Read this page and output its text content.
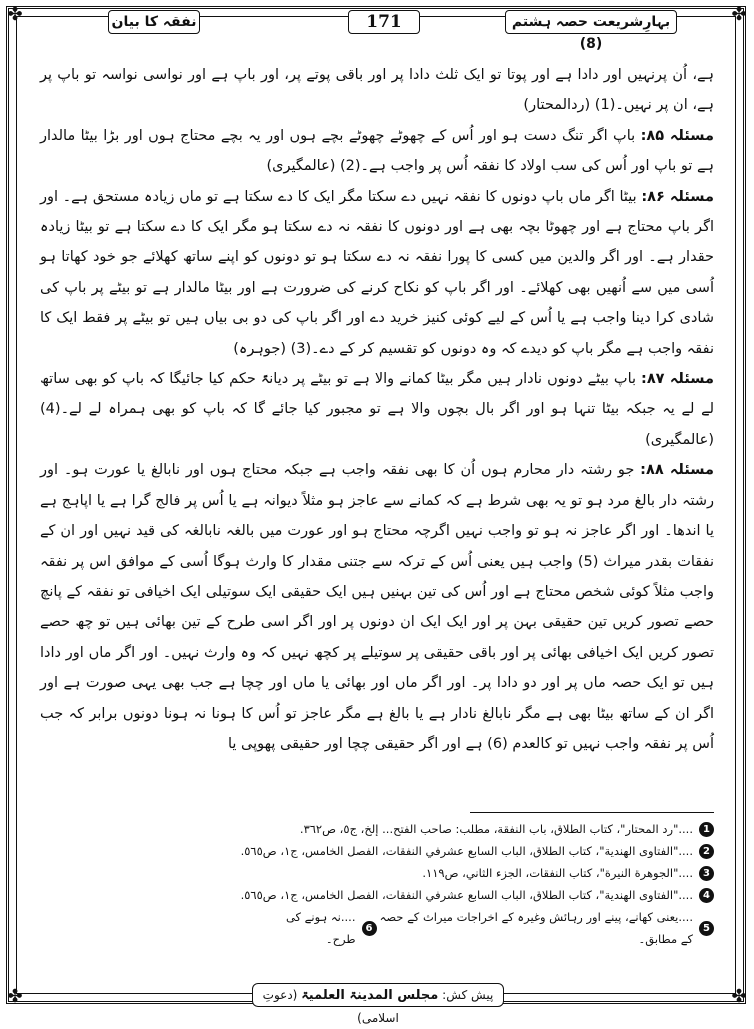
✤	✤
✤	✤
نفقہ کا بیان	171	بہارِشریعت حصہ ہشتم (8)

ہے، اُن پرنہیں اور دادا ہے اور پوتا تو ایک ثلث دادا پر اور باقی پوتے پر، اور باپ ہے اور نواسی نواسہ تو باپ پر ہے، ان پر نہیں۔(1) (ردالمحتار)

مسئلہ ۸۵: باپ اگر تنگ دست ہو اور اُس کے چھوٹے چھوٹے بچے ہوں اور یہ بچے محتاج ہوں اور بڑا بیٹا مالدار ہے تو باپ اور اُس کی سب اولاد کا نفقہ اُس پر واجب ہے۔(2) (عالمگیری)

مسئلہ ۸۶: بیٹا اگر ماں باپ دونوں کا نفقہ نہیں دے سکتا مگر ایک کا دے سکتا ہے تو ماں زیادہ مستحق ہے۔ اور اگر باپ محتاج ہے اور چھوٹا بچہ بھی ہے اور دونوں کا نفقہ نہ دے سکتا ہو مگر ایک کا دے سکتا ہے تو بیٹا زیادہ حقدار ہے۔ اور اگر والدین میں کسی کا پورا نفقہ نہ دے سکتا ہو تو دونوں کو اپنے ساتھ کھلائے جو خود کھاتا ہو اُسی میں سے اُنھیں بھی کھلائے۔ اور اگر باپ کو نکاح کرنے کی ضرورت ہے اور بیٹا مالدار ہے تو بیٹے پر باپ کی شادی کرا دینا واجب ہے یا اُس کے لیے کوئی کنیز خرید دے اور اگر باپ کی دو بی بیاں ہیں تو بیٹے پر فقط ایک کا نفقہ واجب ہے مگر باپ کو دیدے کہ وہ دونوں کو تقسیم کر کے دے۔(3) (جوہرہ)

مسئلہ ۸۷: باپ بیٹے دونوں نادار ہیں مگر بیٹا کمانے والا ہے تو بیٹے پر دیانۃً حکم کیا جائیگا کہ باپ کو بھی ساتھ لے لے یہ جبکہ بیٹا تنہا ہو اور اگر بال بچوں والا ہے تو مجبور کیا جائے گا کہ باپ کو بھی ہمراہ لے لے۔(4) (عالمگیری)

مسئلہ ۸۸: جو رشتہ دار محارم ہوں اُن کا بھی نفقہ واجب ہے جبکہ محتاج ہوں اور نابالغ یا عورت ہو۔ اور رشتہ دار بالغ مرد ہو تو یہ بھی شرط ہے کہ کمانے سے عاجز ہو مثلاً دیوانہ ہے یا اُس پر فالج گرا ہے یا اپاہج ہے یا اندھا۔ اور اگر عاجز نہ ہو تو واجب نہیں اگرچہ محتاج ہو اور عورت میں بالغہ نابالغہ کی قید نہیں اور ان کے نفقات بقدر میراث (5) واجب ہیں یعنی اُس کے ترکہ سے جتنی مقدار کا وارث ہوگا اُسی کے موافق اس پر نفقہ واجب مثلاً کوئی شخص محتاج ہے اور اُس کی تین بہنیں ہیں ایک حقیقی ایک سوتیلی ایک اخیافی تو نفقہ کے پانچ حصے تصور کریں تین حقیقی بہن پر اور ایک ایک ان دونوں پر اور اگر اسی طرح کے تین بھائی ہیں تو چھ حصے تصور کریں ایک اخیافی بھائی پر اور باقی حقیقی پر سوتیلے پر کچھ نہیں کہ وہ وارث نہیں۔ اور اگر ماں اور دادا ہیں تو ایک حصہ ماں پر اور دو دادا پر۔ اور اگر ماں اور بھائی یا ماں اور چچا ہے جب بھی یہی صورت ہے اور اگر ان کے ساتھ بیٹا بھی ہے مگر نابالغ نادار ہے یا بالغ ہے مگر عاجز تو اُس کا ہونا نہ ہونا دونوں برابر کہ جب اُس پر نفقہ واجب نہیں تو کالعدم (6) ہے اور اگر حقیقی چچا اور حقیقی پھوپی یا

1
...."رد المحتار"، كتاب الطلاق، باب النفقة، مطلب: صاحب الفتح... إلخ، ج٥، ص٣٦٢.
2
...."الفتاوى الهندية"، كتاب الطلاق، الباب السابع عشرفي النفقات، الفصل الخامس، ج١، ص٥٦٥.
3
...."الجوهرة النيرة"، كتاب النفقات، الجزء الثاني، ص١١٩.
4
...."الفتاوى الهندية"، كتاب الطلاق، الباب السابع عشرفي النفقات، الفصل الخامس، ج١، ص٥٦٥.
5
....یعنی کھانے، پینے اور رہائش وغیرہ کے اخراجات میراث کے حصہ کے مطابق۔
6
....نہ ہونے کی طرح۔
پیش کش: مجلس المدینۃ العلمیۃ (دعوتِ اسلامی)
